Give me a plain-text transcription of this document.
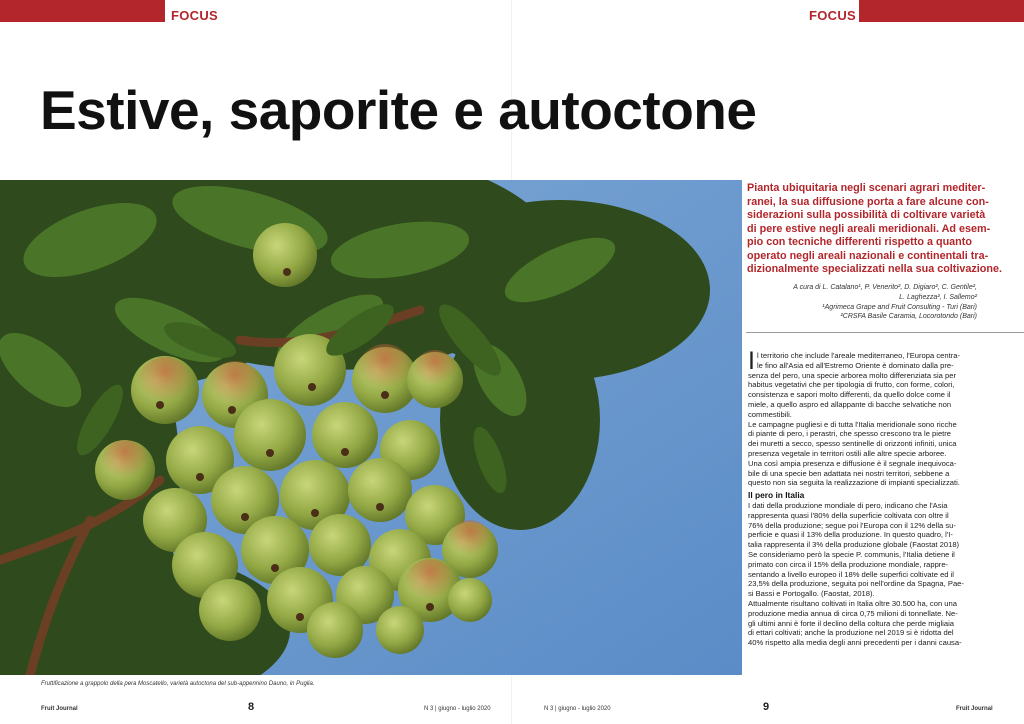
FOCUS	FOCUS
Estive, saporite e autoctone
Fruttificazione a grappolo della pera Moscatello, varietà autoctona del sub-appennino Dauno, in Puglia.
Pianta ubiquitaria negli scenari agrari mediter-
ranei, la sua diffusione porta a fare alcune con-
siderazioni sulla possibilità di coltivare varietà
di pere estive negli areali meridionali. Ad esem-
pio con tecniche differenti rispetto a quanto
operato negli areali nazionali e continentali tra-
dizionalmente specializzati nella sua coltivazione.
A cura di L. Catalano¹, P. Venerito², D. Digiaro², C. Gentile²,
L. Laghezza², I. Sallemo²
¹Agrimeca Grape and Fruit Consulting - Turi (Bari)
²CRSFA Basile Caramia, Locorotondo (Bari)
I l territorio che include l'areale mediterraneo, l'Europa centra-
le fino all'Asia ed all'Estremo Oriente è dominato dalla pre-
senza del pero, una specie arborea molto differenziata sia per
habitus vegetativi che per tipologia di frutto, con forme, colori,
consistenza e sapori molto differenti, da quello dolce come il
miele, a quello aspro ed allappante di bacche selvatiche non
commestibili.
Le campagne pugliesi e di tutta l'Italia meridionale sono ricche
di piante di pero, i perastri, che spesso crescono tra le pietre
dei muretti a secco, spesso sentinelle di orizzonti infiniti, unica
presenza vegetale in territori ostili alle altre specie arboree.
Una così ampia presenza e diffusione è il segnale inequivoca-
bile di una specie ben adattata nei nostri territori, sebbene a
questo non sia seguita la realizzazione di impianti specializzati.
Il pero in Italia
I dati della produzione mondiale di pero, indicano che l'Asia
rappresenta quasi l'80% della superficie coltivata con oltre il
76% della produzione; segue poi l'Europa con il 12% della su-
perficie e quasi il 13% della produzione. In questo quadro, l'I-
talia rappresenta il 3% della produzione globale (Faostat 2018)
Se consideriamo però la specie P. communis, l'Italia detiene il
primato con circa il 15% della produzione mondiale, rappre-
sentando a livello europeo il 18% delle superfici coltivate ed il
23,5% della produzione, seguita poi nell'ordine da Spagna, Pae-
si Bassi e Portogallo. (Faostat, 2018).
Attualmente risultano coltivati in Italia oltre 30.500 ha, con una
produzione media annua di circa 0,75 milioni di tonnellate. Ne-
gli ultimi anni è forte il declino della coltura che perde migliaia
di ettari coltivati; anche la produzione nel 2019 si è ridotta del
40% rispetto alla media degli anni precedenti per i danni causa-
Fruit Journal	8	N 3 | giugno - luglio 2020	N 3 | giugno - luglio 2020	9	Fruit Journal
